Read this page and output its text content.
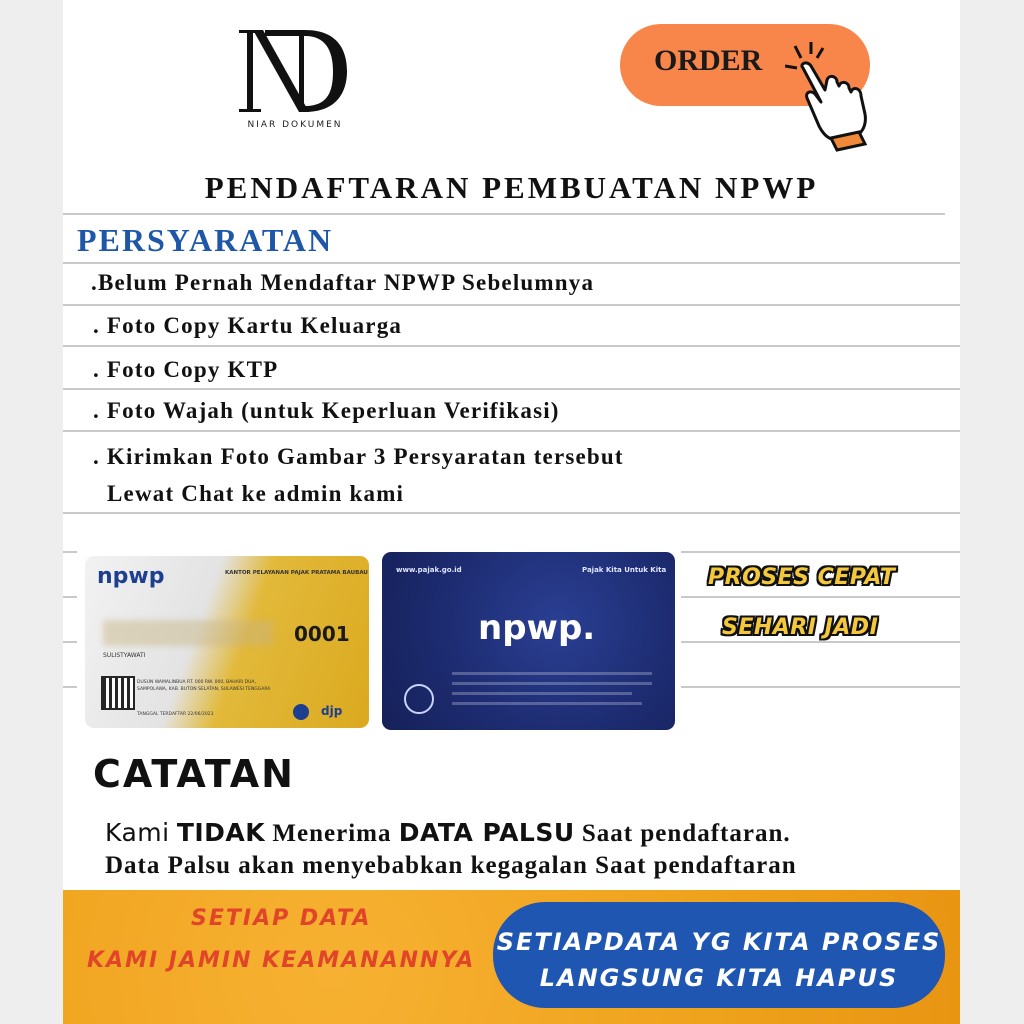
NIAR DOKUMEN
ORDER
PENDAFTARAN PEMBUATAN NPWP
PERSYARATAN
.Belum Pernah Mendaftar NPWP Sebelumnya
. Foto Copy Kartu Keluarga
. Foto Copy KTP
. Foto Wajah (untuk Keperluan Verifikasi)
. Kirimkan Foto Gambar 3 Persyaratan tersebut
Lewat Chat ke admin kami
npwp	KANTOR PELAYANAN PAJAK PRATAMA BAUBAU
0001
SULISTYAWATI
DUSUN WAMALINBUA RT. 000 RW. 000, BAHARI DUA,
SAMPOLAWA, KAB. BUTON SELATAN, SULAWESI TENGGARA
TANGGAL TERDAFTAR 22/06/2023	djp
www.pajak.go.id	Pajak Kita Untuk Kita
npwp.
PROSES CEPAT
SEHARI JADI
CATATAN
Kami TIDAK Menerima DATA PALSU Saat pendaftaran.
Data Palsu akan menyebabkan kegagalan Saat pendaftaran
SETIAP DATA
KAMI JAMIN KEAMANANNYA
SETIAPDATA YG KITA PROSES
LANGSUNG KITA HAPUS
